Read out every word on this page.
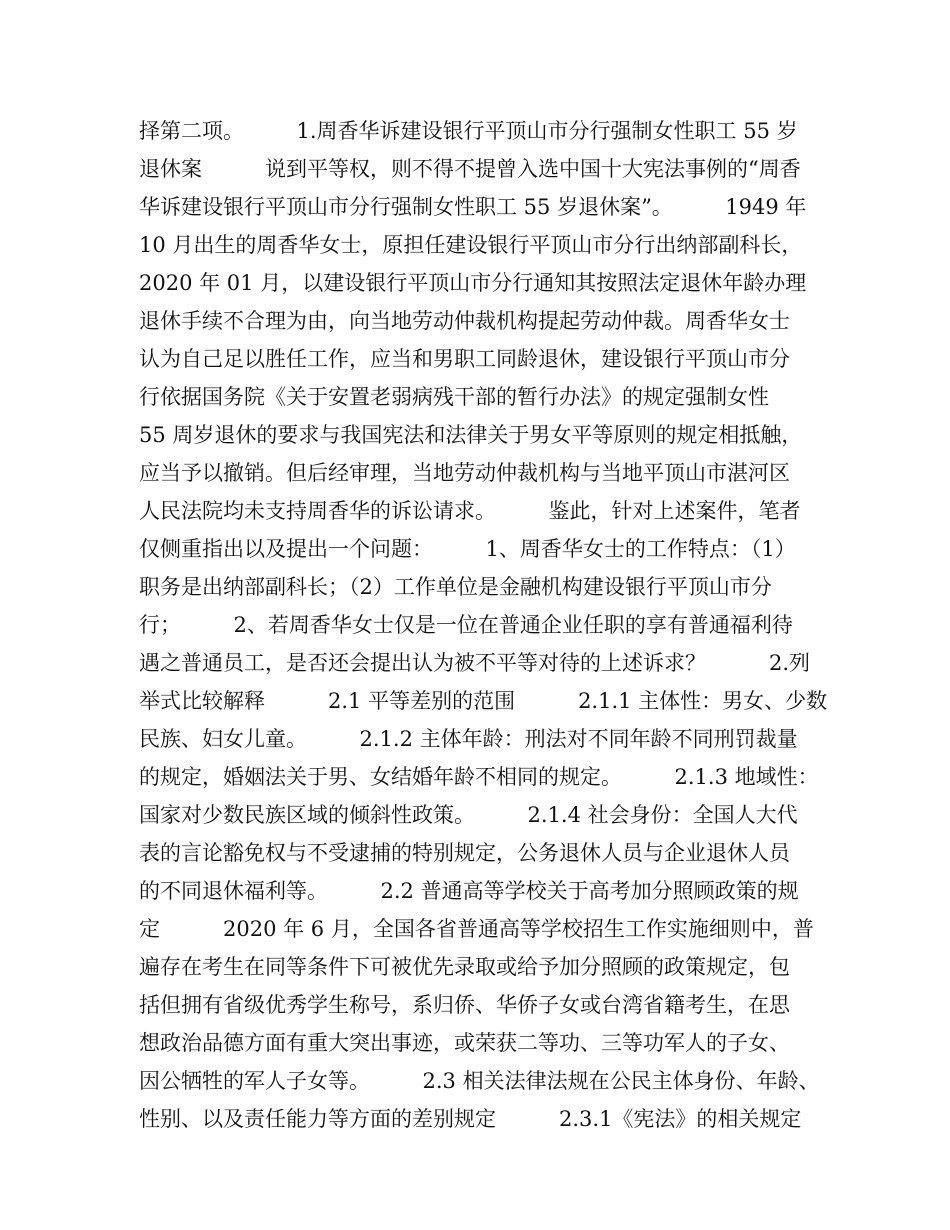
择第二项。　　　1.周香华诉建设银行平顶山市分行强制女性职工 55 岁
退休案　　　说到平等权，则不得不提曾入选中国十大宪法事例的“周香
华诉建设银行平顶山市分行强制女性职工 55 岁退休案”。　　　1949 年
10 月出生的周香华女士，原担任建设银行平顶山市分行出纳部副科长，
2020 年 01 月，以建设银行平顶山市分行通知其按照法定退休年龄办理
退休手续不合理为由，向当地劳动仲裁机构提起劳动仲裁。周香华女士
认为自己足以胜任工作，应当和男职工同龄退休，建设银行平顶山市分
行依据国务院《关于安置老弱病残干部的暂行办法》的规定强制女性
55 周岁退休的要求与我国宪法和法律关于男女平等原则的规定相抵触，
应当予以撤销。但后经审理，当地劳动仲裁机构与当地平顶山市湛河区
人民法院均未支持周香华的诉讼请求。　　　鉴此，针对上述案件，笔者
仅侧重指出以及提出一个问题：　　　1、周香华女士的工作特点：（1）
职务是出纳部副科长；（2）工作单位是金融机构建设银行平顶山市分
行；　　　2、若周香华女士仅是一位在普通企业任职的享有普通福利待
遇之普通员工，是否还会提出认为被不平等对待的上述诉求？　　　2.列
举式比较解释　　　2.1 平等差别的范围　　　2.1.1 主体性：男女、少数
民族、妇女儿童。　　　2.1.2 主体年龄：刑法对不同年龄不同刑罚裁量
的规定，婚姻法关于男、女结婚年龄不相同的规定。　　　2.1.3 地域性：
国家对少数民族区域的倾斜性政策。　　　2.1.4 社会身份：全国人大代
表的言论豁免权与不受逮捕的特别规定，公务退休人员与企业退休人员
的不同退休福利等。　　　2.2 普通高等学校关于高考加分照顾政策的规
定　　　2020 年 6 月，全国各省普通高等学校招生工作实施细则中，普
遍存在考生在同等条件下可被优先录取或给予加分照顾的政策规定，包
括但拥有省级优秀学生称号，系归侨、华侨子女或台湾省籍考生，在思
想政治品德方面有重大突出事迹，或荣获二等功、三等功军人的子女、
因公牺牲的军人子女等。　　　2.3 相关法律法规在公民主体身份、年龄、
性别、以及责任能力等方面的差别规定　　　2.3.1《宪法》的相关规定
